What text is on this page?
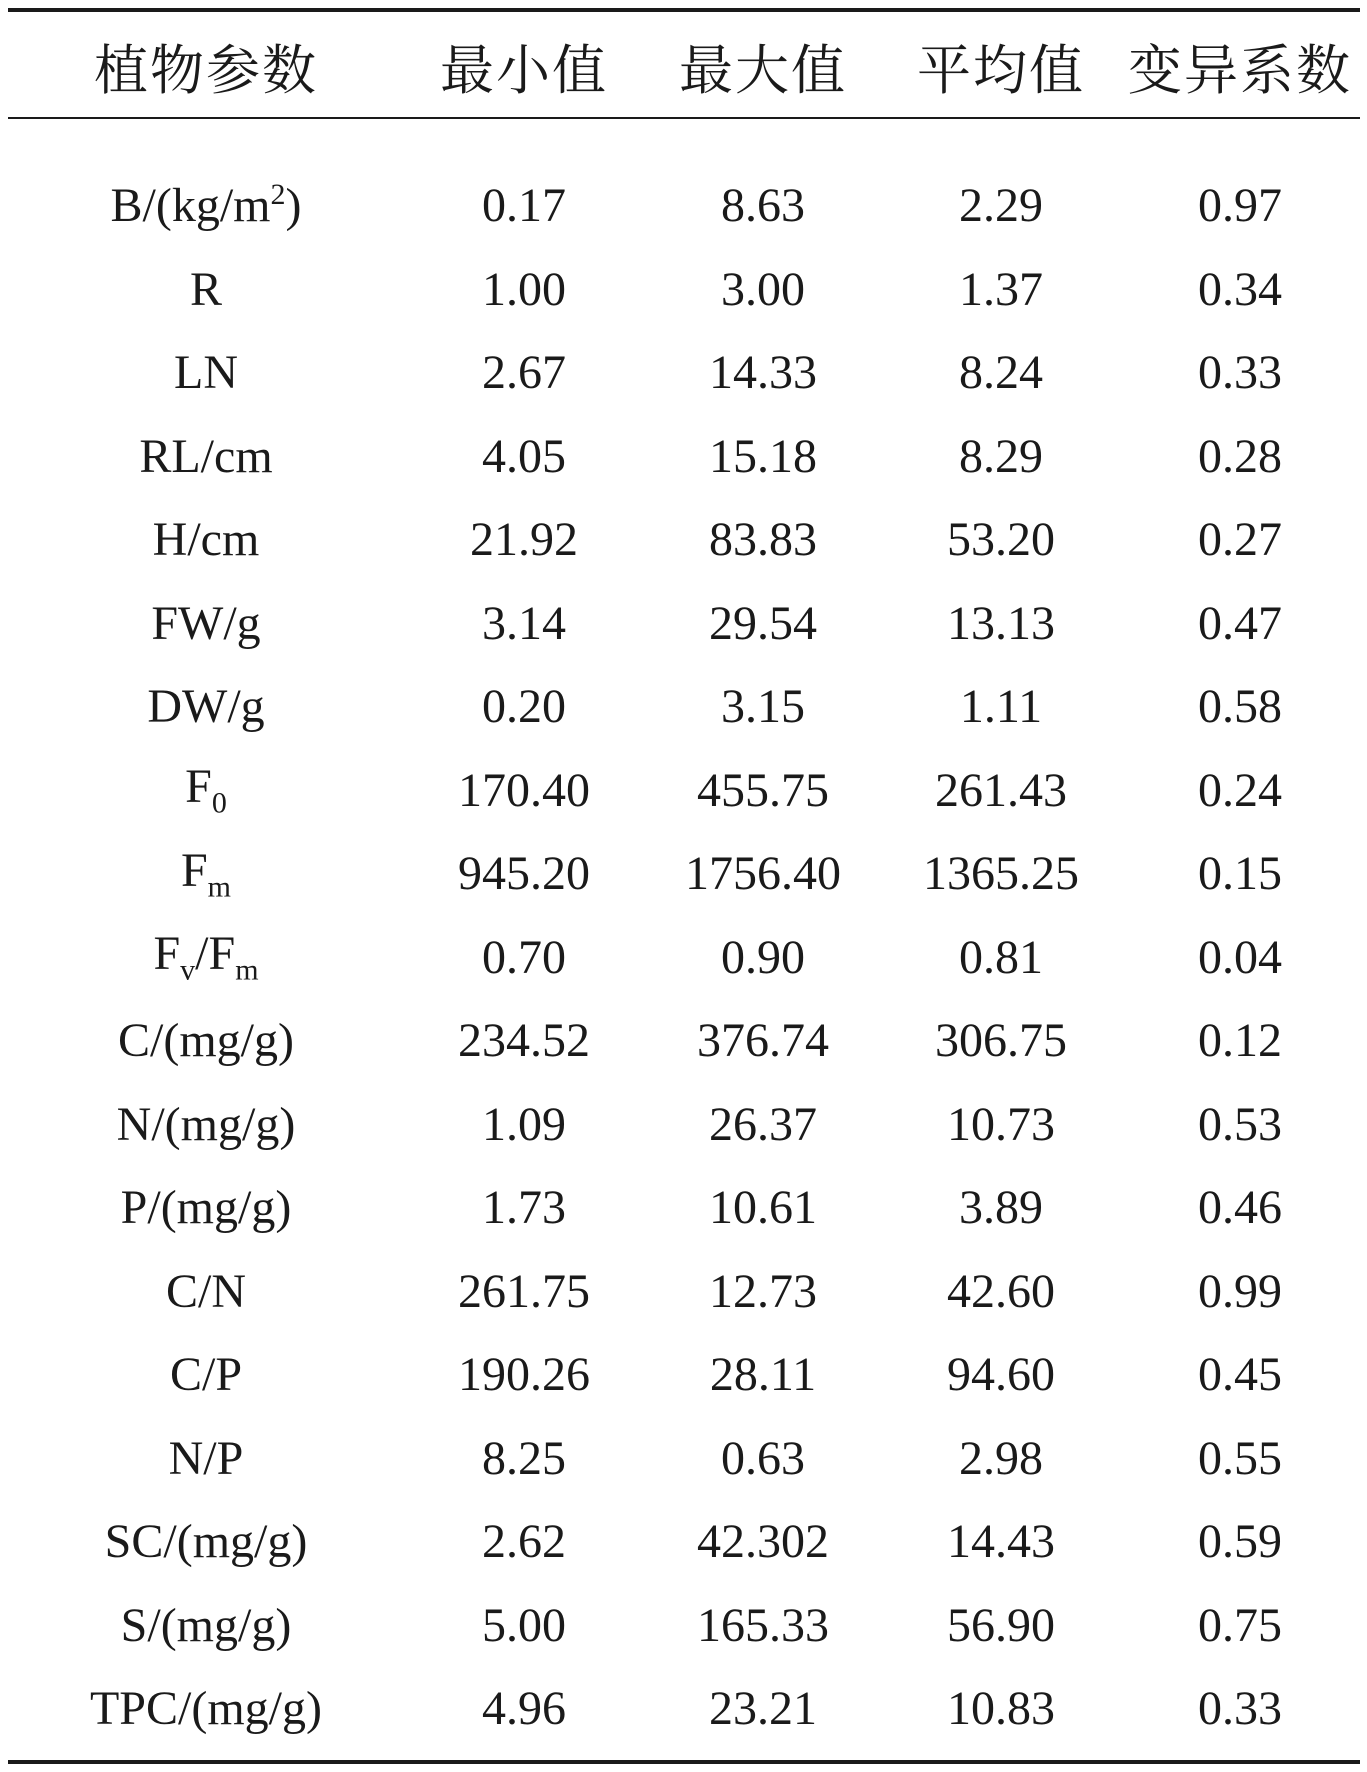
植物参数	最小值	最大值	平均值	变异系数

$B/(kg/m^2)$	0.17	8.63	2.29	0.97
R	1.00	3.00	1.37	0.34
LN	2.67	14.33	8.24	0.33
RL/cm	4.05	15.18	8.29	0.28
H/cm	21.92	83.83	53.20	0.27
FW/g	3.14	29.54	13.13	0.47
DW/g	0.20	3.15	1.11	0.58
$F_0$	170.40	455.75	261.43	0.24
$F_m$	945.20	1756.40	1365.25	0.15
$F_v/F_m$	0.70	0.90	0.81	0.04
C/(mg/g)	234.52	376.74	306.75	0.12
N/(mg/g)	1.09	26.37	10.73	0.53
P/(mg/g)	1.73	10.61	3.89	0.46
C/N	261.75	12.73	42.60	0.99
C/P	190.26	28.11	94.60	0.45
N/P	8.25	0.63	2.98	0.55
SC/(mg/g)	2.62	42.302	14.43	0.59
S/(mg/g)	5.00	165.33	56.90	0.75
TPC/(mg/g)	4.96	23.21	10.83	0.33
